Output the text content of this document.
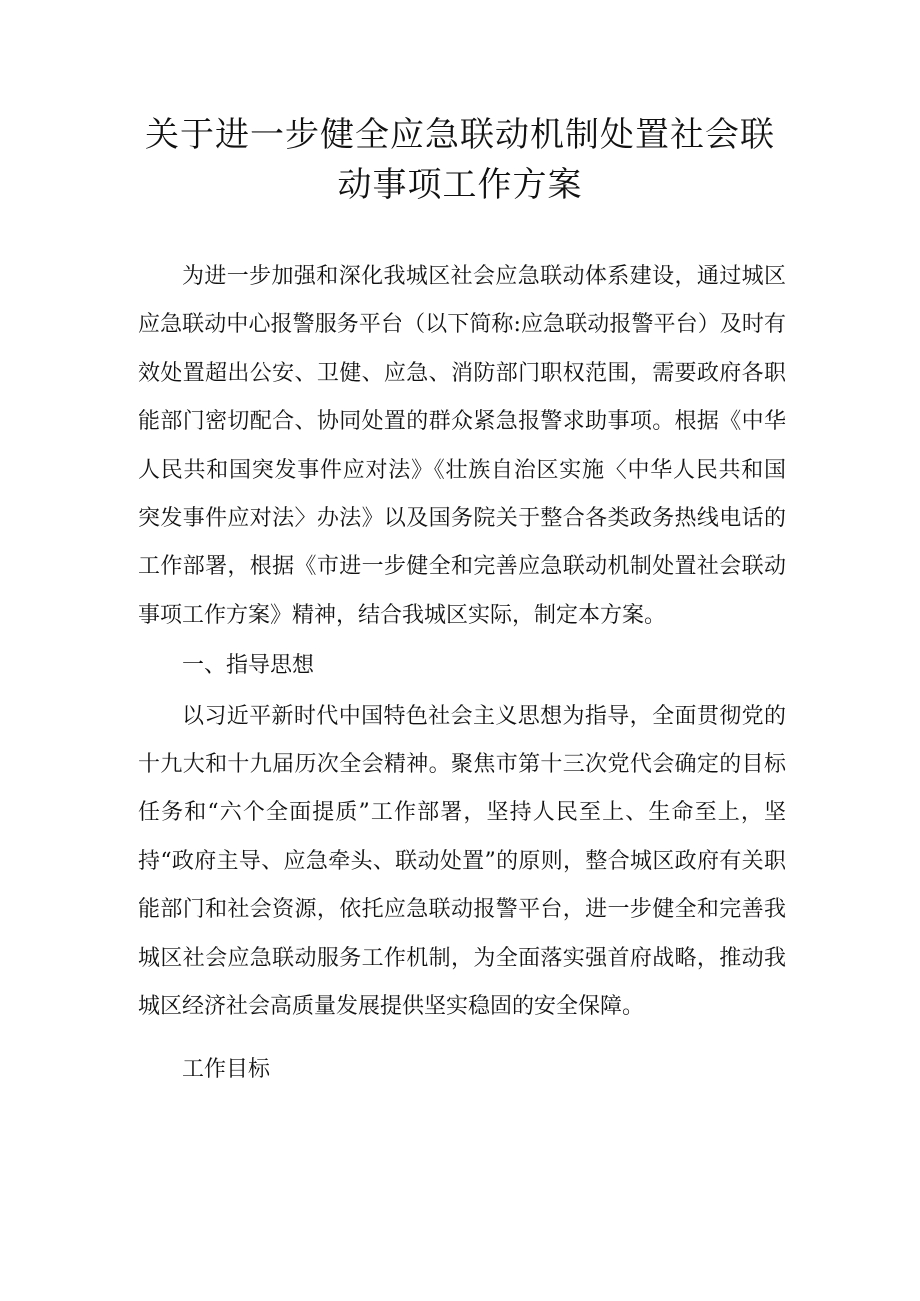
关于进一步健全应急联动机制处置社会联
动事项工作方案

为进一步加强和深化我城区社会应急联动体系建设，通过城区应急联动中心报警服务平台（以下简称:应急联动报警平台）及时有效处置超出公安、卫健、应急、消防部门职权范围，需要政府各职能部门密切配合、协同处置的群众紧急报警求助事项。根据《中华人民共和国突发事件应对法》《壮族自治区实施〈中华人民共和国突发事件应对法〉办法》以及国务院关于整合各类政务热线电话的工作部署，根据《市进一步健全和完善应急联动机制处置社会联动事项工作方案》精神，结合我城区实际，制定本方案。

一、指导思想

以习近平新时代中国特色社会主义思想为指导，全面贯彻党的十九大和十九届历次全会精神。聚焦市第十三次党代会确定的目标任务和“六个全面提质”工作部署，坚持人民至上、生命至上，坚持“政府主导、应急牵头、联动处置”的原则，整合城区政府有关职能部门和社会资源，依托应急联动报警平台，进一步健全和完善我城区社会应急联动服务工作机制，为全面落实强首府战略，推动我城区经济社会高质量发展提供坚实稳固的安全保障。

工作目标
